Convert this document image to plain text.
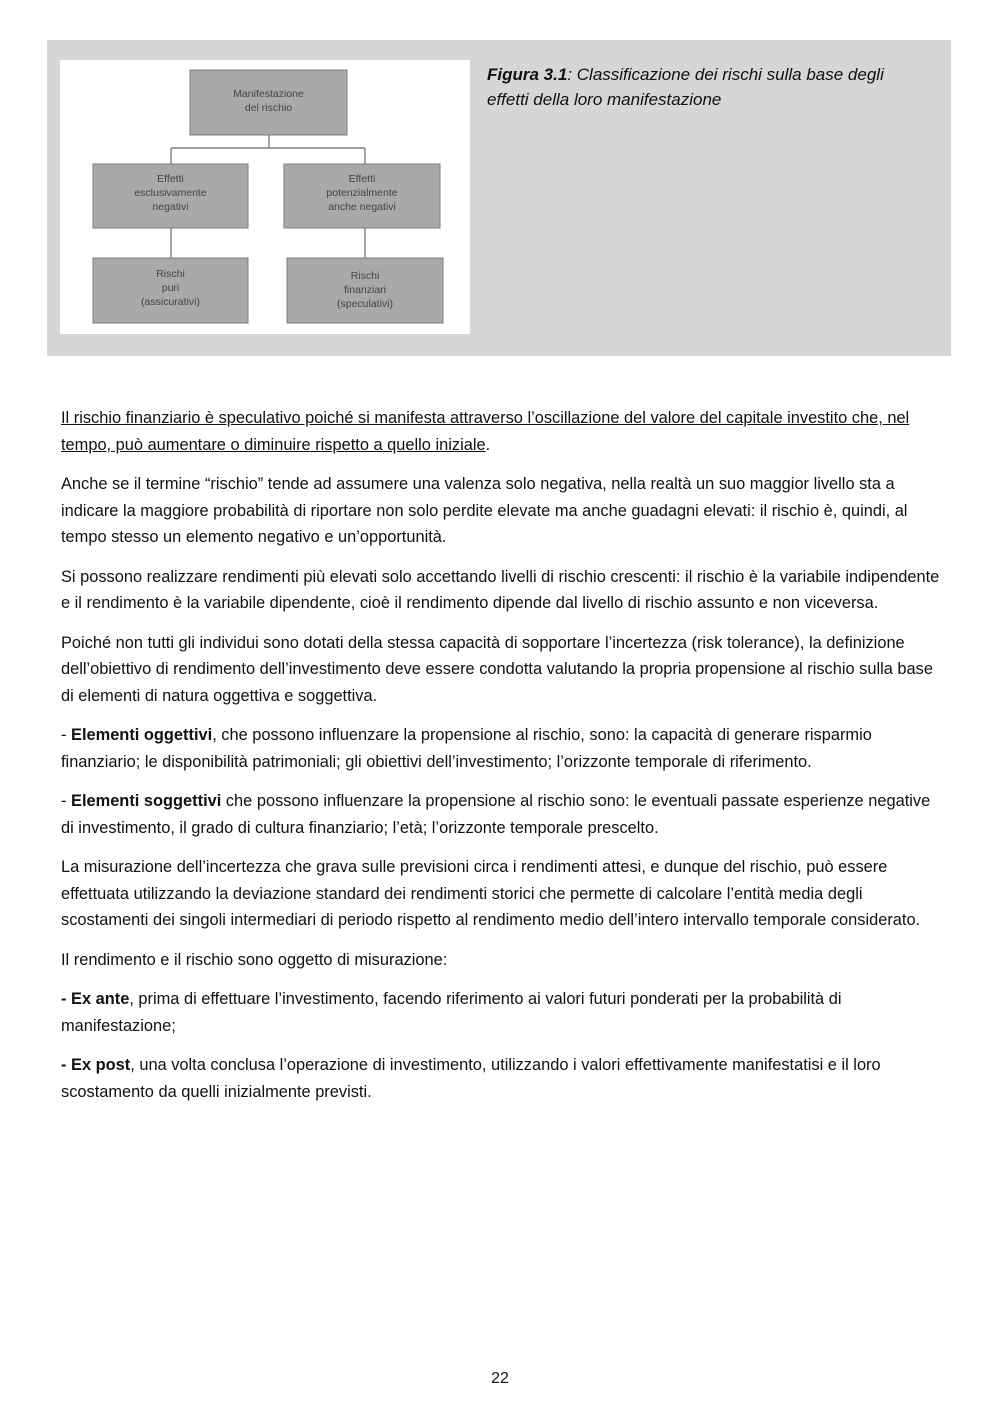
Manifestazione
del rischio
Effetti
esclusivamente
negativi
Effetti
potenzialmente
anche negativi
Rischi
puri
(assicurativi)
Rischi
finanziari
(speculativi)
Figura 3.1: Classificazione dei rischi sulla base degli effetti della loro manifestazione

Il rischio finanziario è speculativo poiché si manifesta attraverso l’oscillazione del valore del capitale investito che, nel tempo, può aumentare o diminuire rispetto a quello iniziale.

Anche se il termine “rischio” tende ad assumere una valenza solo negativa, nella realtà un suo maggior livello sta a indicare la maggiore probabilità di riportare non solo perdite elevate ma anche guadagni elevati: il rischio è, quindi, al tempo stesso un elemento negativo e un’opportunità.

Si possono realizzare rendimenti più elevati solo accettando livelli di rischio crescenti: il rischio è la variabile indipendente e il rendimento è la variabile dipendente, cioè il rendimento dipende dal livello di rischio assunto e non viceversa.

Poiché non tutti gli individui sono dotati della stessa capacità di sopportare l’incertezza (risk tolerance), la definizione dell’obiettivo di rendimento dell’investimento deve essere condotta valutando la propria propensione al rischio sulla base di elementi di natura oggettiva e soggettiva.

- Elementi oggettivi, che possono influenzare la propensione al rischio, sono: la capacità di generare risparmio finanziario; le disponibilità patrimoniali; gli obiettivi dell’investimento; l’orizzonte temporale di riferimento.

- Elementi soggettivi che possono influenzare la propensione al rischio sono: le eventuali passate esperienze negative di investimento, il grado di cultura finanziario; l’età; l’orizzonte temporale prescelto.

La misurazione dell’incertezza che grava sulle previsioni circa i rendimenti attesi, e dunque del rischio, può essere effettuata utilizzando la deviazione standard dei rendimenti storici che permette di calcolare l’entità media degli scostamenti dei singoli intermediari di periodo rispetto al rendimento medio dell’intero intervallo temporale considerato.

Il rendimento e il rischio sono oggetto di misurazione:

- Ex ante, prima di effettuare l’investimento, facendo riferimento ai valori futuri ponderati per la probabilità di manifestazione;

- Ex post, una volta conclusa l’operazione di investimento, utilizzando i valori effettivamente manifestatisi e il loro scostamento da quelli inizialmente previsti.

22
